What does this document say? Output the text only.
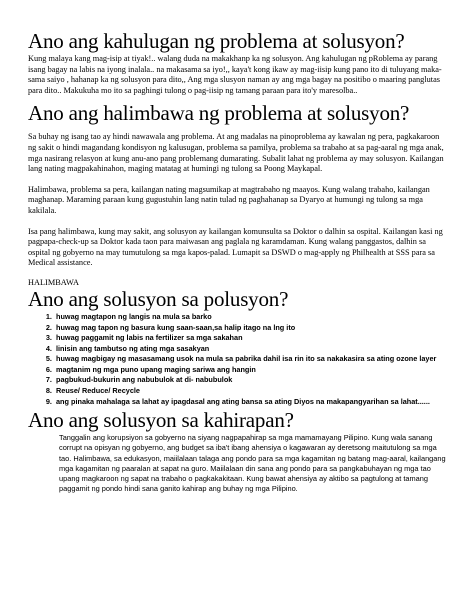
Ano ang kahulugan ng problema at solusyon?

Kung malaya kang mag-isip at tiyak!.. walang duda na makakhanp ka ng solusyon. Ang kahulugan ng pRoblema ay parang isang bagay na labis na iyong inalala.. na makasama sa iyo!,, kaya't kong ikaw ay mag-iisip kung pano ito di tuluyang maka- sama saiyo , hahanap ka ng solusyon para dito,, Ang mga slusyon naman ay ang mga bagay na positibo o maaring panglutas para dito.. Makukuha mo ito sa paghingi tulong o pag-iisip ng tamang paraan para ito'y maresolba..

Ano ang halimbawa ng problema at solusyon?

Sa buhay ng isang tao ay hindi nawawala ang problema. At ang madalas na pinoproblema ay kawalan ng pera, pagkakaroon ng sakit o hindi magandang kondisyon ng kalusugan, problema sa pamilya, problema sa trabaho at sa pag-aaral ng mga anak, mga nasirang relasyon at kung anu-ano pang problemang dumarating. Subalit lahat ng problema ay may solusyon. Kailangan lang nating magpakahinahon, maging matatag at humingi ng tulong sa Poong Maykapal.

Halimbawa, problema sa pera, kailangan nating magsumikap at magtrabaho ng maayos. Kung walang trabaho, kailangan maghanap. Maraming paraan kung gugustuhin lang natin tulad ng paghahanap sa Dyaryo at humungi ng tulong sa mga kakilala.

Isa pang halimbawa, kung may sakit, ang solusyon ay kailangan komunsulta sa Doktor o dalhin sa ospital. Kailangan kasi ng pagpapa-check-up sa Doktor kada taon para maiwasan ang paglala ng karamdaman. Kung walang panggastos, dalhin sa ospital ng gobyerno na may tumutulong sa mga kapos-palad. Lumapit sa DSWD o mag-apply ng Philhealth at SSS para sa Medical assistance.

HALIMBAWA

Ano ang solusyon sa polusyon?
1. huwag magtapon ng langis na mula sa barko
2. huwag mag tapon ng basura kung saan-saan,sa halip itago na lng ito
3. huwag paggamit ng labis na fertilizer sa mga sakahan
4. linisin ang tambutso ng ating mga sasakyan
5. huwag magbigay ng masasamang usok na mula sa pabrika dahil isa rin ito sa nakakasira sa ating ozone layer
6. magtanim ng mga puno upang maging sariwa ang hangin
7. pagbukud-bukurin ang nabubulok at di- nabubulok
8. Reuse/ Reduce/ Recycle
9. ang pinaka mahalaga sa lahat ay ipagdasal ang ating bansa sa ating Diyos na makapangyarihan sa lahat......
Ano ang solusyon sa kahirapan?

Tanggalin ang korupsiyon sa gobyerno na siyang nagpapahirap sa mga mamamayang Pilipino. Kung wala sanang corrupt na opisyan ng gobyerno, ang budget sa iba't ibang ahensiya o kagawaran ay deretsong maitutulong sa mga tao. Halimbawa, sa edukasyon, maiilalaan talaga ang pondo para sa mga kagamitan ng batang mag-aaral, kailangang mga kagamitan ng paaralan at sapat na guro. Maiilalaan din sana ang pondo para sa pangkabuhayan ng mga tao upang magkaroon ng sapat na trabaho o pagkakakitaan. Kung bawat ahensiya ay aktibo sa pagtulong at tamang paggamit ng pondo hindi sana ganito kahirap ang buhay ng mga Pilipino.
